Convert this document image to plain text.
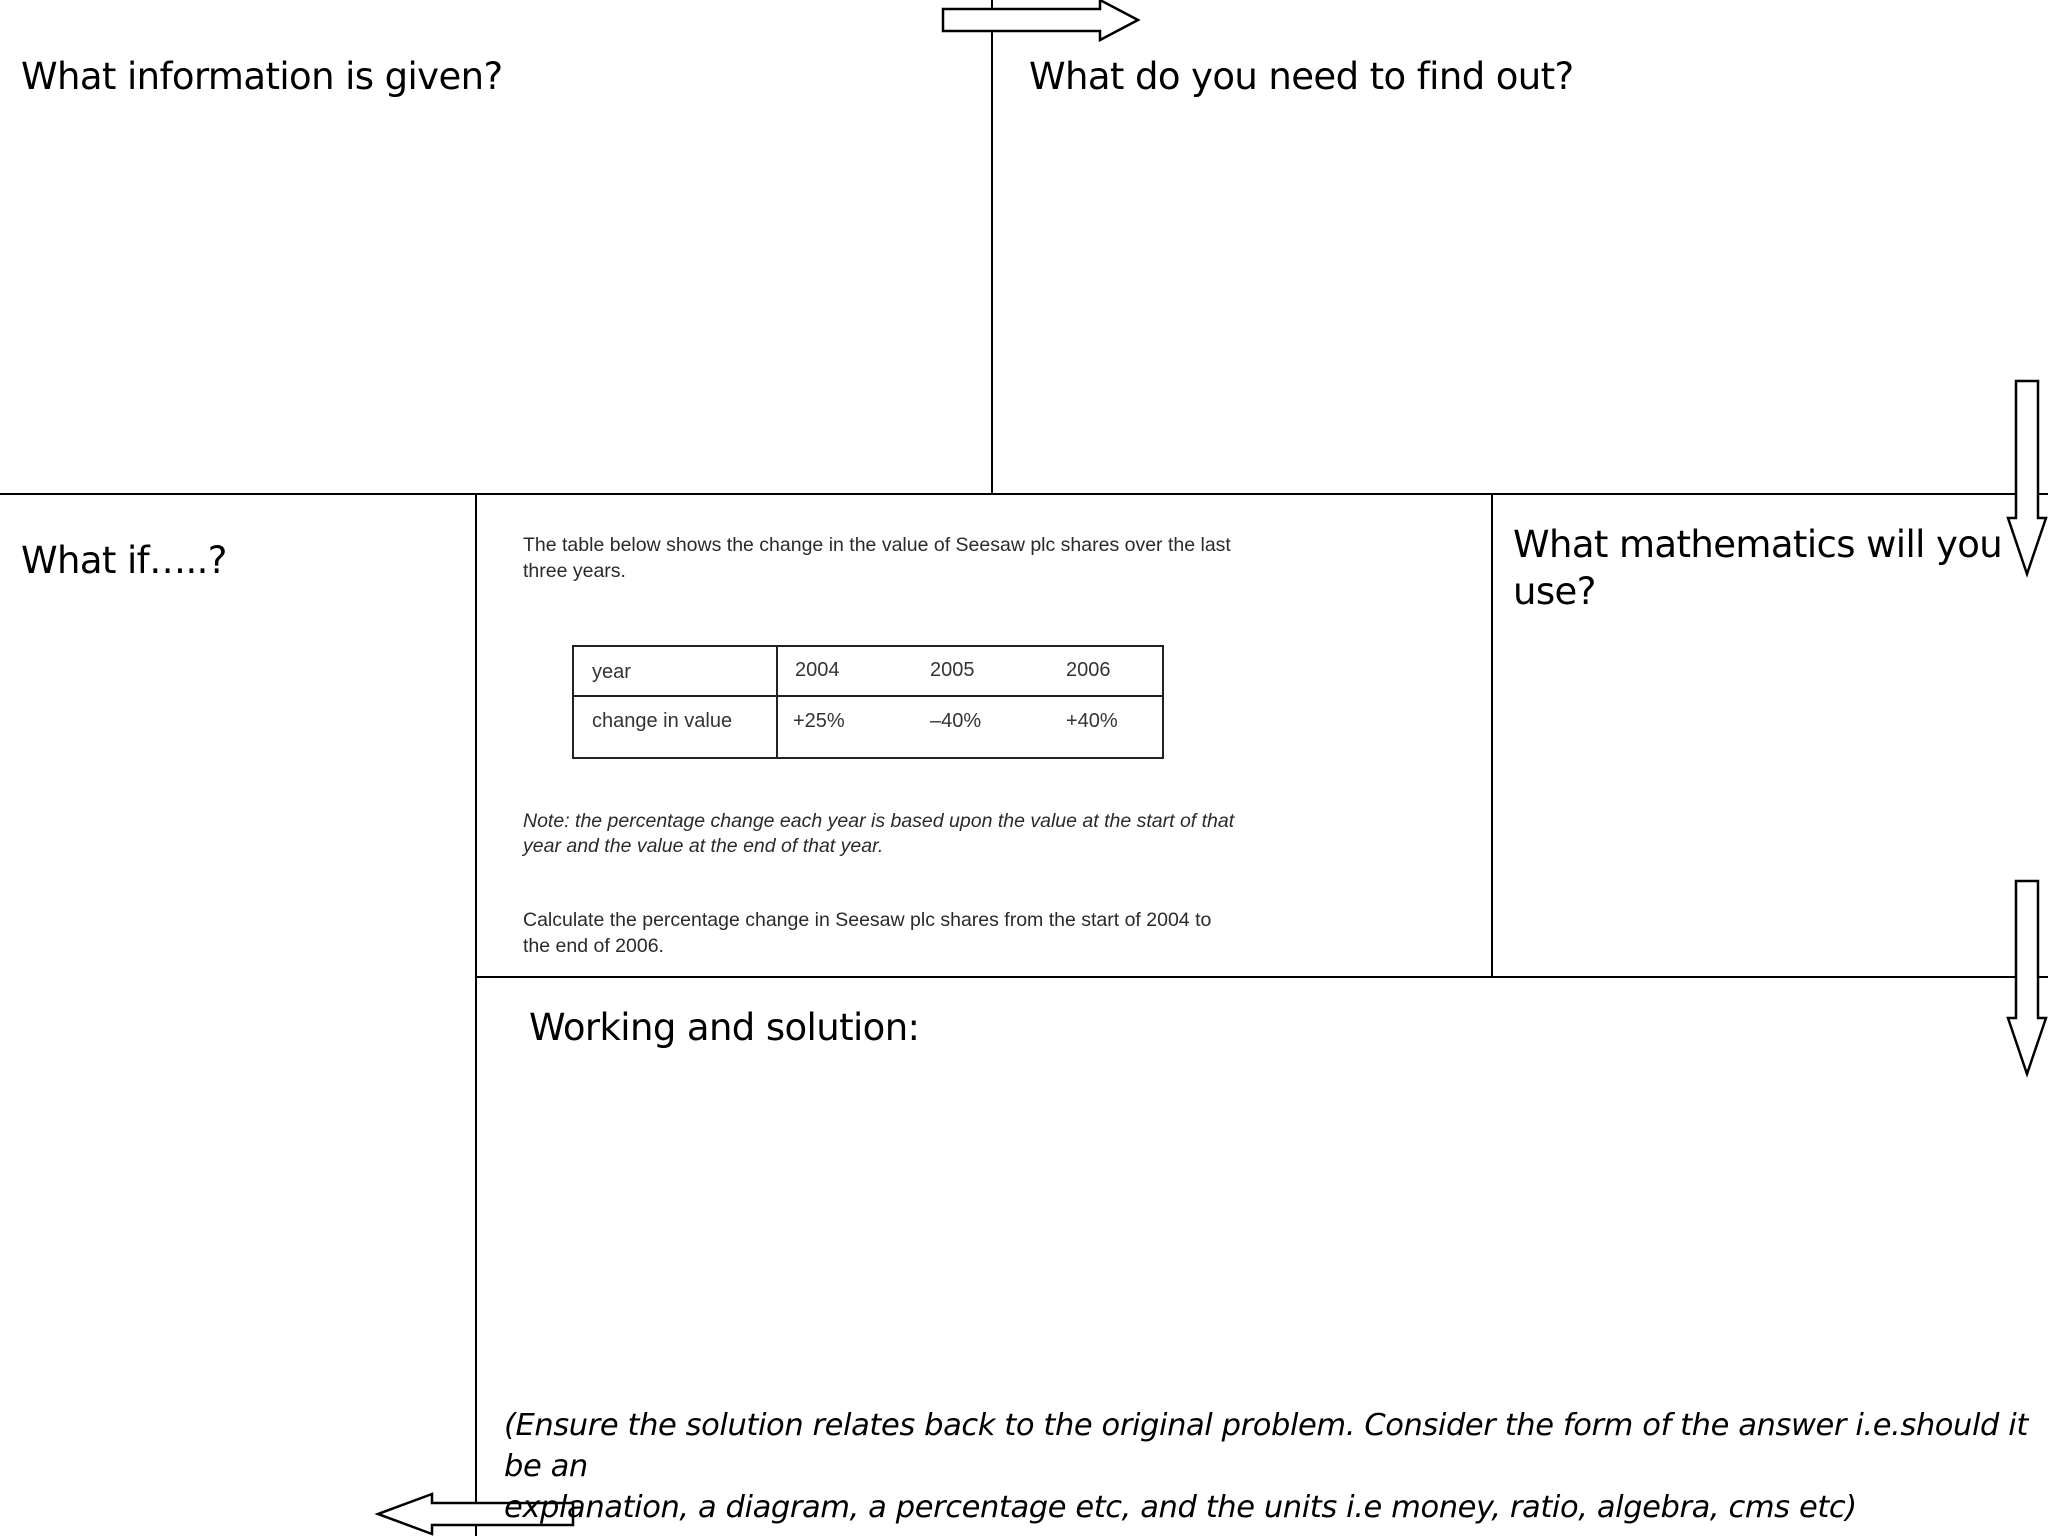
What information is given?	What do you need to find out?
What if…..?	What mathematics will you
use?
Working and solution:
The table below shows the change in the value of Seesaw plc shares over the last
three years.
year	2004	2005	2006
change in value	+25%	–40%	+40%
Note: the percentage change each year is based upon the value at the start of that
year and the value at the end of that year.
Calculate the percentage change in Seesaw plc shares from the start of 2004 to
the end of 2006.
(Ensure the solution relates back to the original problem. Consider the form of the answer i.e.should it be an
explanation, a diagram, a percentage etc, and the units i.e money, ratio, algebra, cms etc)
